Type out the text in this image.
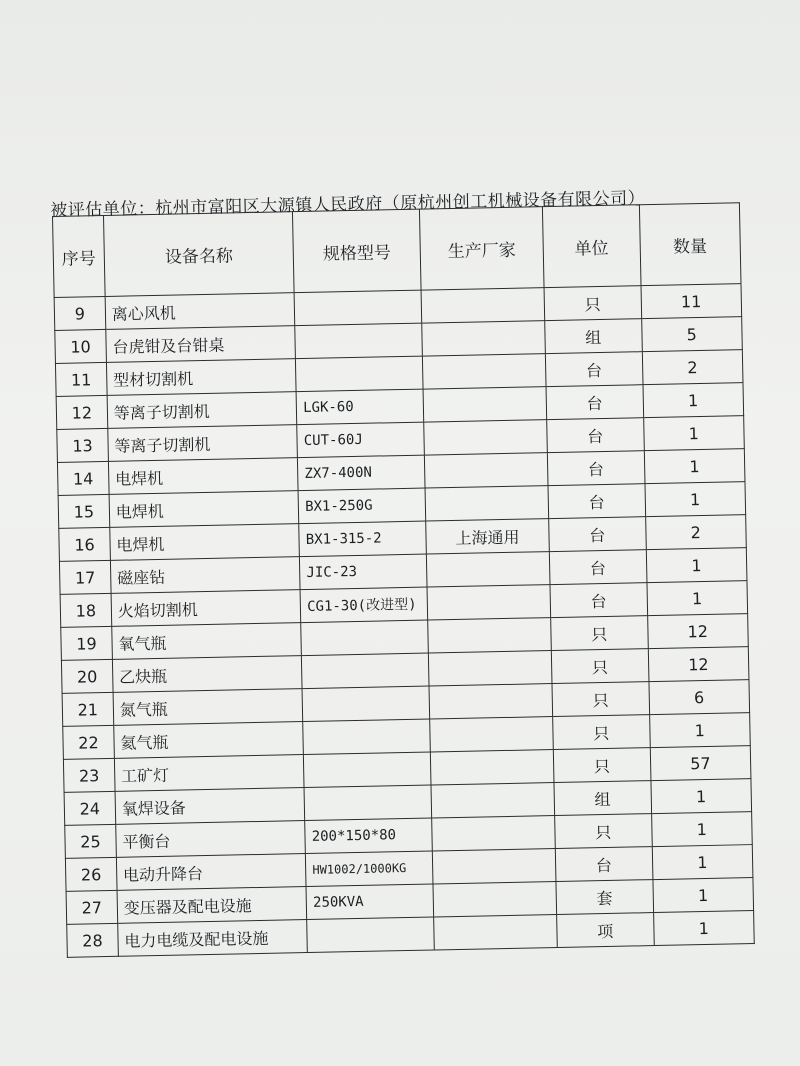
被评估单位：杭州市富阳区大源镇人民政府（原杭州创工机械设备有限公司）
序号	设备名称	规格型号	生产厂家	单位	数量
9	离心风机			只	11
10	台虎钳及台钳桌			组	5
11	型材切割机			台	2
12	等离子切割机	LGK-60		台	1
13	等离子切割机	CUT-60J		台	1
14	电焊机	ZX7-400N		台	1
15	电焊机	BX1-250G		台	1
16	电焊机	BX1-315-2	上海通用	台	2
17	磁座钻	JIC-23		台	1
18	火焰切割机	CG1-30(改进型)		台	1
19	氧气瓶			只	12
20	乙炔瓶			只	12
21	氮气瓶			只	6
22	氦气瓶			只	1
23	工矿灯			只	57
24	氧焊设备			组	1
25	平衡台	200*150*80		只	1
26	电动升降台	HW1002/1000KG		台	1
27	变压器及配电设施	250KVA		套	1
28	电力电缆及配电设施			项	1
